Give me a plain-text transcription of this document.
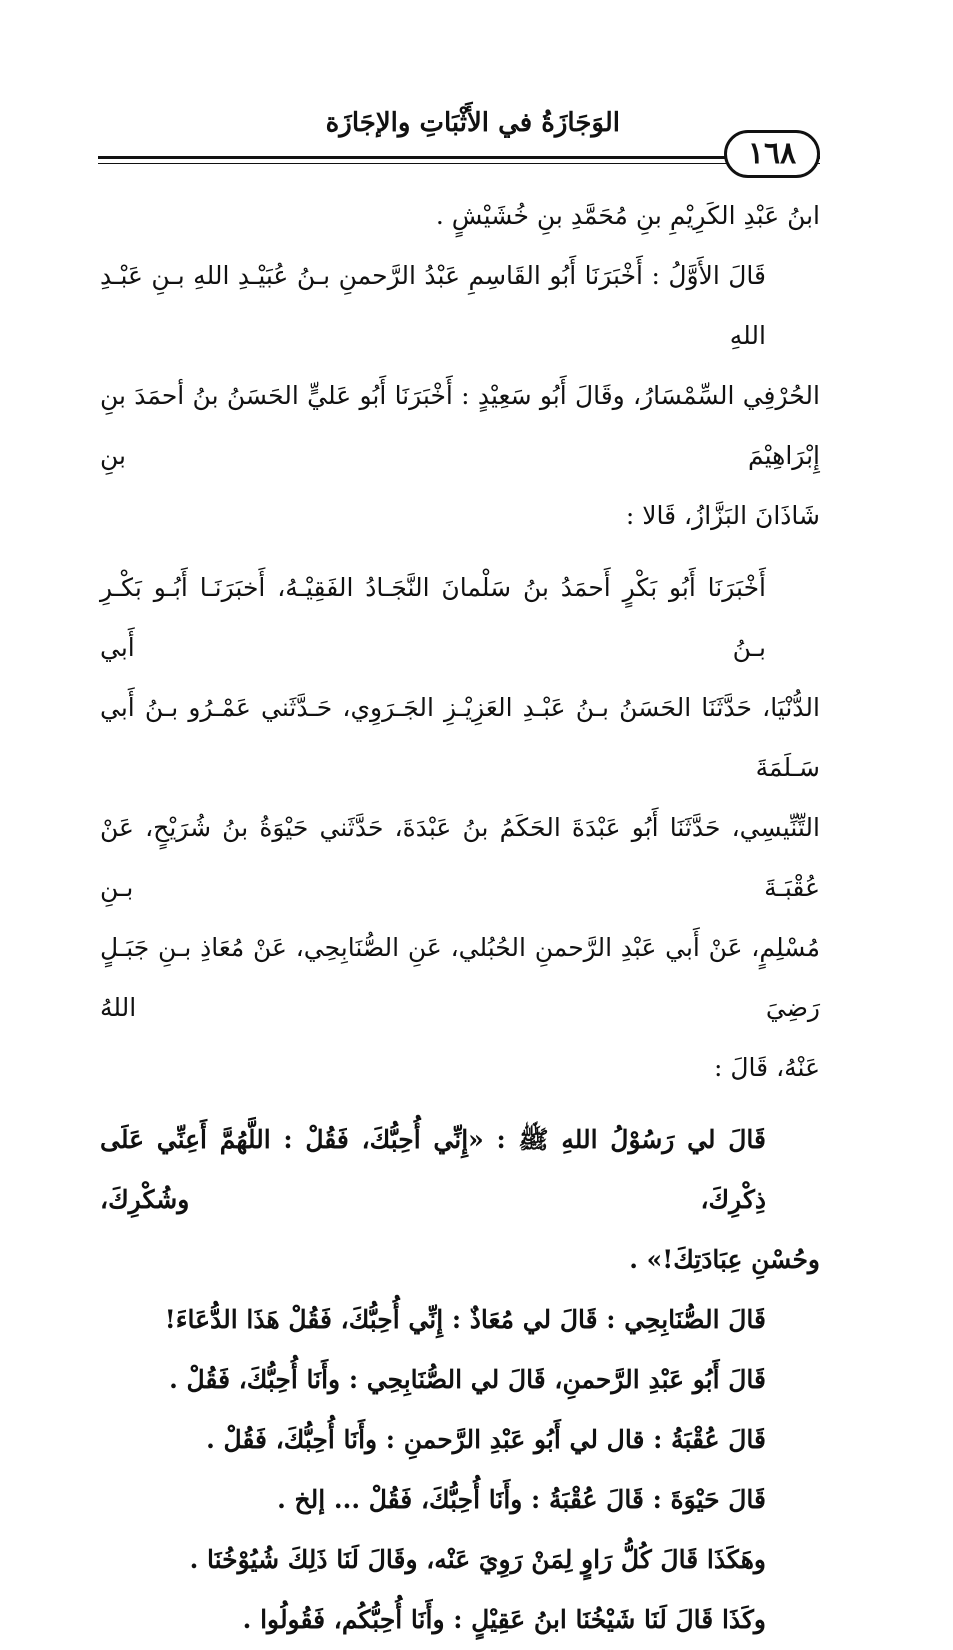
الوَجَازَةُ في الأَثْبَاتِ والإجَازَة
١٦٨
ابنُ عَبْدِ الكَرِيْمِ بنِ مُحَمَّدِ بنِ خُشَيْشٍ .
قَالَ الأَوَّلُ : أَخْبَرَنَا أَبُو القَاسِمِ عَبْدُ الرَّحمنِ بـنُ عُبَيْـدِ اللهِ بـنِ عَبْـدِ اللهِ
الحُرْفِي السِّمْسَارُ، وقَالَ أَبُو سَعِيْدٍ : أَخْبَرَنَا أَبُو عَليٍّ الحَسَنُ بنُ أحمَدَ بنِ إِبْرَاهِيْمَ بنِ
شَاذَانَ البَزَّازُ، قَالا :
أَخْبَرَنَا أَبُو بَكْرٍ أَحمَدُ بنُ سَلْمانَ النَّجَـادُ الفَقِيْـهُ، أَخبَرَنَـا أَبُـو بَكْـرِ بـنُ أَبي
الدُّنْيَا، حَدَّثَنَا الحَسَنُ بـنُ عَبْـدِ العَزِيْـزِ الجَـرَوِي، حَـدَّثَني عَمْـرُو بـنُ أَبي سَـلَمَةَ
التِّنِّيسِي، حَدَّثَنَا أَبُو عَبْدَةَ الحَكَمُ بنُ عَبْدَةَ، حَدَّثَني حَيْوَةُ بنُ شُرَيْحٍ، عَنْ عُقْبَـةَ بـنِ
مُسْلِمٍ، عَنْ أَبي عَبْدِ الرَّحمنِ الحُبُلي، عَنِ الصُّنَابِحِي، عَنْ مُعَاذِ بـنِ جَبَـلٍ رَضِيَ اللهُ
عَنْهُ، قَالَ :
قَالَ لي رَسُوْلُ اللهِ ﷺ : «إِنِّي أُحِبُّكَ، فَقُلْ : اللَّهُمَّ أَعِنِّي عَلَى ذِكْرِكَ، وشُكْرِكَ،
وحُسْنِ عِبَادَتِكَ!» .
قَالَ الصُّنَابِحِي : قَالَ لي مُعَاذٌ : إِنِّي أُحِبُّكَ، فَقُلْ هَذَا الدُّعَاءَ!
قَالَ أَبُو عَبْدِ الرَّحمنِ، قَالَ لي الصُّنَابِحِي : وأَنَا أُحِبُّكَ، فَقُلْ .
قَالَ عُقْبَةُ : قال لي أَبُو عَبْدِ الرَّحمنِ : وأَنَا أُحِبُّكَ، فَقُلْ .
قَالَ حَيْوَةَ : قَالَ عُقْبَةُ : وأَنَا أُحِبُّكَ، فَقُلْ ... إلخ .
وهَكَذَا قَالَ كُلُّ رَاوٍ لِمَنْ رَوِيَ عَنْه، وقَالَ لَنَا ذَلِكَ شُيُوْخُنَا .
وكَذَا قَالَ لَنَا شَيْخُنَا ابنُ عَقِيْلٍ : وأَنَا أُحِبُّكُم، فَقُولُوا .
